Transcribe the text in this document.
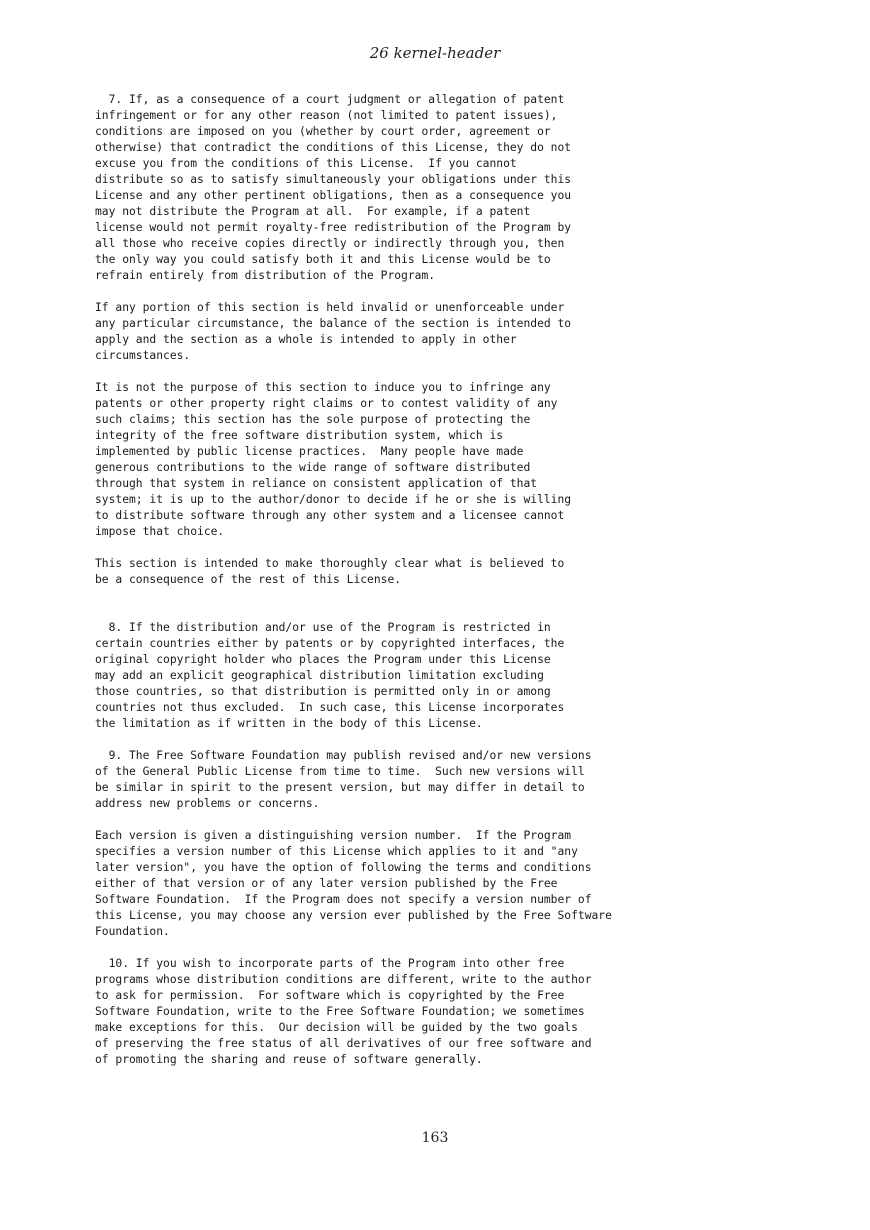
26 kernel-header

7. If, as a consequence of a court judgment or allegation of patent
infringement or for any other reason (not limited to patent issues),
conditions are imposed on you (whether by court order, agreement or
otherwise) that contradict the conditions of this License, they do not
excuse you from the conditions of this License.  If you cannot
distribute so as to satisfy simultaneously your obligations under this
License and any other pertinent obligations, then as a consequence you
may not distribute the Program at all.  For example, if a patent
license would not permit royalty-free redistribution of the Program by
all those who receive copies directly or indirectly through you, then
the only way you could satisfy both it and this License would be to
refrain entirely from distribution of the Program.

If any portion of this section is held invalid or unenforceable under
any particular circumstance, the balance of the section is intended to
apply and the section as a whole is intended to apply in other
circumstances.

It is not the purpose of this section to induce you to infringe any
patents or other property right claims or to contest validity of any
such claims; this section has the sole purpose of protecting the
integrity of the free software distribution system, which is
implemented by public license practices.  Many people have made
generous contributions to the wide range of software distributed
through that system in reliance on consistent application of that
system; it is up to the author/donor to decide if he or she is willing
to distribute software through any other system and a licensee cannot
impose that choice.

This section is intended to make thoroughly clear what is believed to
be a consequence of the rest of this License.

8. If the distribution and/or use of the Program is restricted in
certain countries either by patents or by copyrighted interfaces, the
original copyright holder who places the Program under this License
may add an explicit geographical distribution limitation excluding
those countries, so that distribution is permitted only in or among
countries not thus excluded.  In such case, this License incorporates
the limitation as if written in the body of this License.

9. The Free Software Foundation may publish revised and/or new versions
of the General Public License from time to time.  Such new versions will
be similar in spirit to the present version, but may differ in detail to
address new problems or concerns.

Each version is given a distinguishing version number.  If the Program
specifies a version number of this License which applies to it and "any
later version", you have the option of following the terms and conditions
either of that version or of any later version published by the Free
Software Foundation.  If the Program does not specify a version number of
this License, you may choose any version ever published by the Free Software
Foundation.

10. If you wish to incorporate parts of the Program into other free
programs whose distribution conditions are different, write to the author
to ask for permission.  For software which is copyrighted by the Free
Software Foundation, write to the Free Software Foundation; we sometimes
make exceptions for this.  Our decision will be guided by the two goals
of preserving the free status of all derivatives of our free software and
of promoting the sharing and reuse of software generally.

163
